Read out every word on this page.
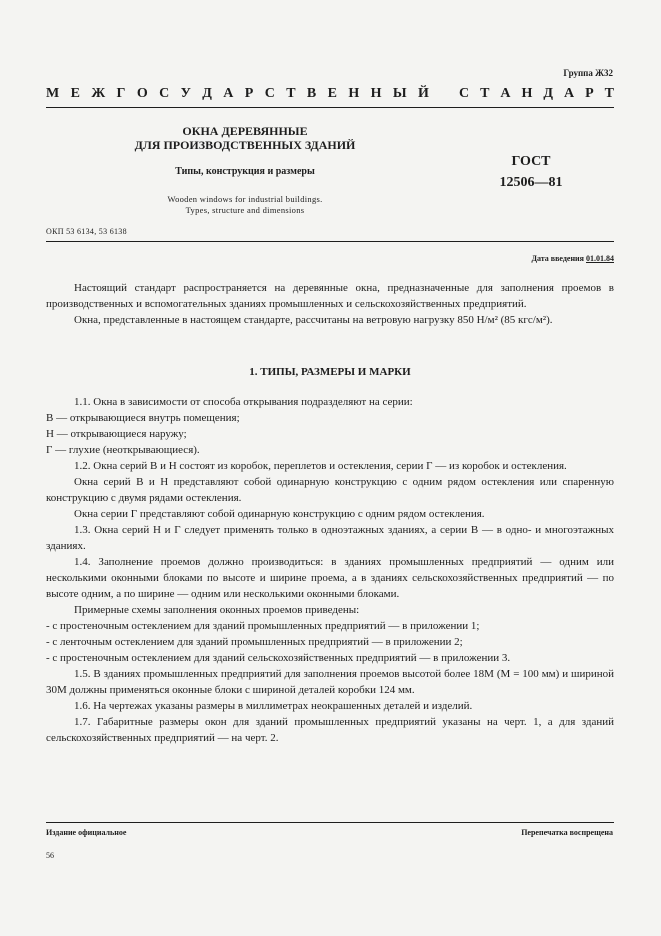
Группа Ж32
М Е Ж Г О С У Д А Р С Т В Е Н Н Ы Й С Т А Н Д А Р Т
ОКНА ДЕРЕВЯННЫЕ
ДЛЯ ПРОИЗВОДСТВЕННЫХ ЗДАНИЙ
Типы, конструкция и размеры
Wooden windows for industrial buildings.
Types, structure and dimensions
ГОСТ
12506—81
ОКП 53 6134, 53 6138
Дата введения 01.01.84

Настоящий стандарт распространяется на деревянные окна, предназначенные для заполнения проемов в производственных и вспомогательных зданиях промышленных и сельскохозяйственных предприятий.

Окна, представленные в настоящем стандарте, рассчитаны на ветровую нагрузку 850 Н/м² (85 кгс/м²).

1. ТИПЫ, РАЗМЕРЫ И МАРКИ

1.1. Окна в зависимости от способа открывания подразделяют на серии:

В — открывающиеся внутрь помещения;

Н — открывающиеся наружу;

Г — глухие (неоткрывающиеся).

1.2. Окна серий В и Н состоят из коробок, переплетов и остекления, серии Г — из коробок и остекления.

Окна серий В и Н представляют собой одинарную конструкцию с одним рядом остекления или спаренную конструкцию с двумя рядами остекления.

Окна серии Г представляют собой одинарную конструкцию с одним рядом остекления.

1.3. Окна серий Н и Г следует применять только в одноэтажных зданиях, а серии В — в одно- и многоэтажных зданиях.

1.4. Заполнение проемов должно производиться: в зданиях промышленных предприятий — одним или несколькими оконными блоками по высоте и ширине проема, а в зданиях сельскохозяйственных предприятий — по высоте одним, а по ширине — одним или несколькими оконными блоками.

Примерные схемы заполнения оконных проемов приведены:

- с простеночным остеклением для зданий промышленных предприятий — в приложении 1;

- с ленточным остеклением для зданий промышленных предприятий — в приложении 2;

- с простеночным остеклением для зданий сельскохозяйственных предприятий — в приложении 3.

1.5. В зданиях промышленных предприятий для заполнения проемов высотой более 18М (М = 100 мм) и шириной 30М должны применяться оконные блоки с шириной деталей коробки 124 мм.

1.6. На чертежах указаны размеры в миллиметрах неокрашенных деталей и изделий.

1.7. Габаритные размеры окон для зданий промышленных предприятий указаны на черт. 1, а для зданий сельскохозяйственных предприятий — на черт. 2.

Издание официальное	Перепечатка воспрещена
56
